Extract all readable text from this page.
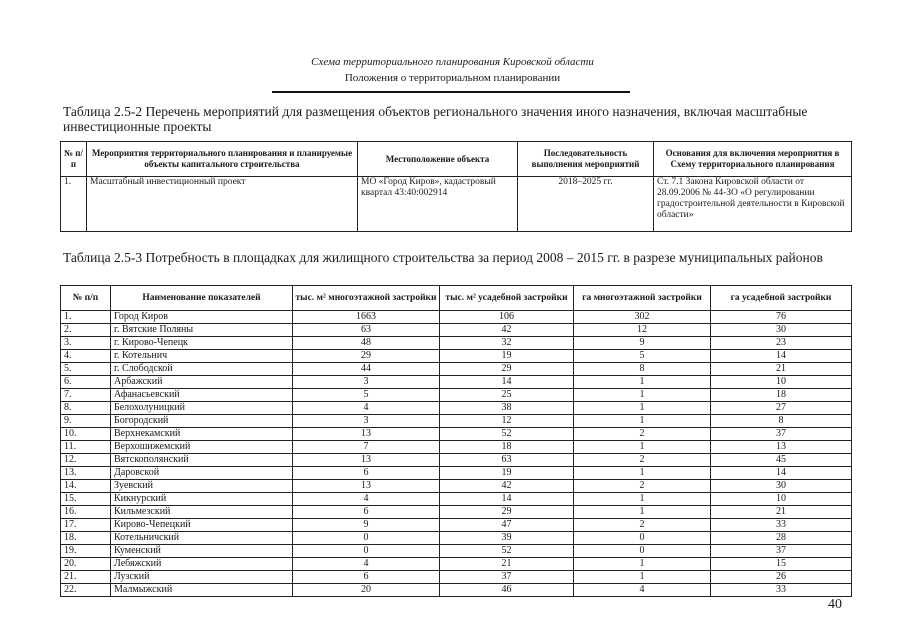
Схема территориального планирования Кировской области
Положения о территориальном планировании
Таблица 2.5-2 Перечень мероприятий для размещения объектов регионального значения иного назначения, включая масштабные инвестиционные проекты
№ п/п	Мероприятия территориального планирования и планируемые объекты капитального строительства	Местоположение объекта	Последовательность выполнения мероприятий	Основания для включения мероприятия в Схему территориального планирования
1.	Масштабный инвестиционный проект	МО «Город Киров», кадастровый квартал 43:40:002914	2018–2025 гг.	Ст. 7.1 Закона Кировской области от 28.09.2006 № 44-ЗО «О регулировании градостроительной деятельности в Кировской области»
Таблица 2.5-3 Потребность в площадках для жилищного строительства за период 2008 – 2015 гг. в разрезе муниципальных районов
№ п/п	Наименование показателей	тыс. м² многоэтажной застройки	тыс. м² усадебной застройки	га многоэтажной застройки	га усадебной застройки
1.	Город Киров	1663	106	302	76
2.	г. Вятские Поляны	63	42	12	30
3.	г. Кирово-Чепецк	48	32	9	23
4.	г. Котельнич	29	19	5	14
5.	г. Слободской	44	29	8	21
6.	Арбажский	3	14	1	10
7.	Афанасьевский	5	25	1	18
8.	Белохолуницкий	4	38	1	27
9.	Богородский	3	12	1	8
10.	Верхнекамский	13	52	2	37
11.	Верхошижемский	7	18	1	13
12.	Вятскополянский	13	63	2	45
13.	Даровской	6	19	1	14
14.	Зуевский	13	42	2	30
15.	Кикнурский	4	14	1	10
16.	Кильмезский	6	29	1	21
17.	Кирово-Чепецкий	9	47	2	33
18.	Котельничский	0	39	0	28
19.	Куменский	0	52	0	37
20.	Лебяжский	4	21	1	15
21.	Лузский	6	37	1	26
22.	Малмыжский	20	46	4	33
40
